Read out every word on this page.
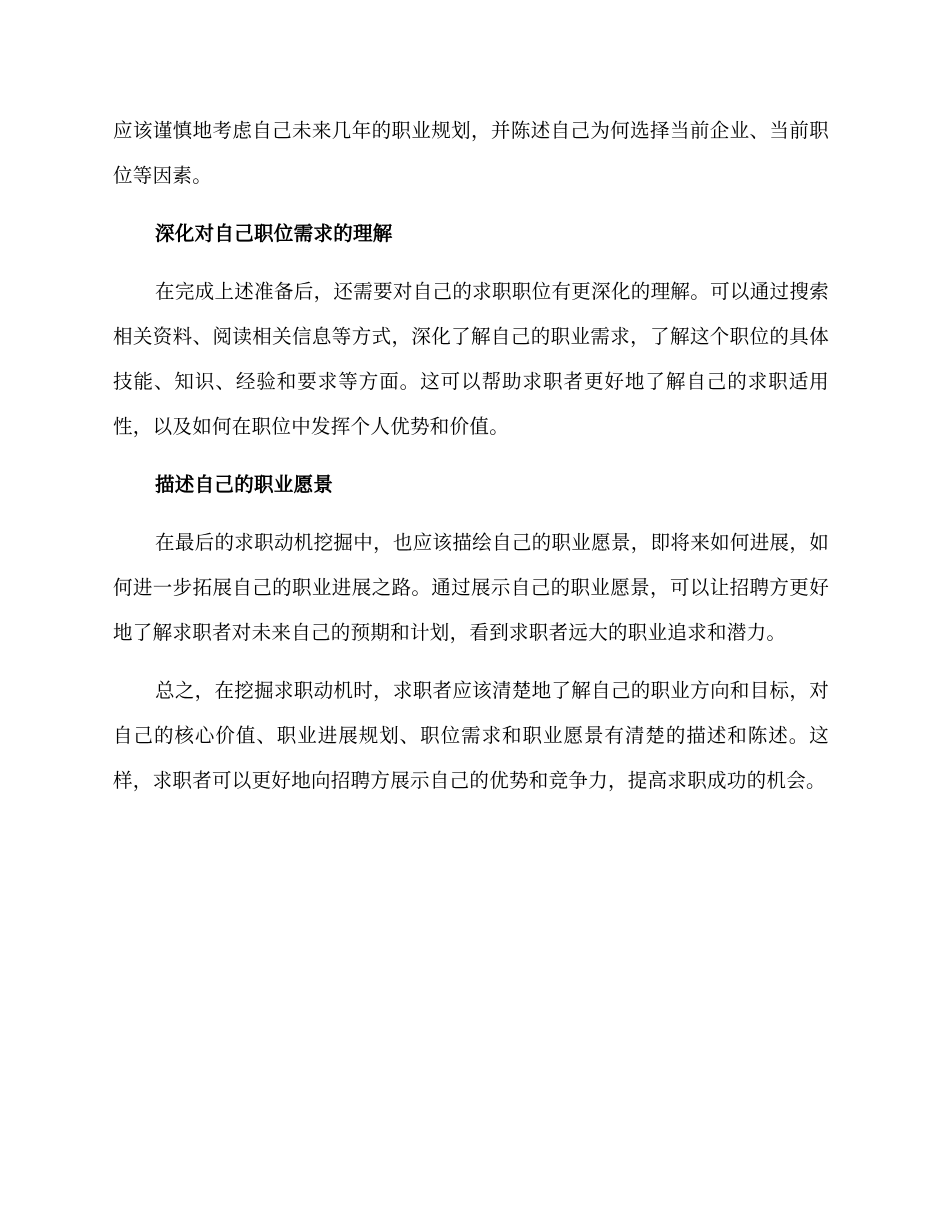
应该谨慎地考虑自己未来几年的职业规划，并陈述自己为何选择当前企业、当前职位等因素。

深化对自己职位需求的理解

在完成上述准备后，还需要对自己的求职职位有更深化的理解。可以通过搜索相关资料、阅读相关信息等方式，深化了解自己的职业需求，了解这个职位的具体技能、知识、经验和要求等方面。这可以帮助求职者更好地了解自己的求职适用性，以及如何在职位中发挥个人优势和价值。

描述自己的职业愿景

在最后的求职动机挖掘中，也应该描绘自己的职业愿景，即将来如何进展，如何进一步拓展自己的职业进展之路。通过展示自己的职业愿景，可以让招聘方更好地了解求职者对未来自己的预期和计划，看到求职者远大的职业追求和潜力。

总之，在挖掘求职动机时，求职者应该清楚地了解自己的职业方向和目标，对自己的核心价值、职业进展规划、职位需求和职业愿景有清楚的描述和陈述。这样，求职者可以更好地向招聘方展示自己的优势和竞争力，提高求职成功的机会。
